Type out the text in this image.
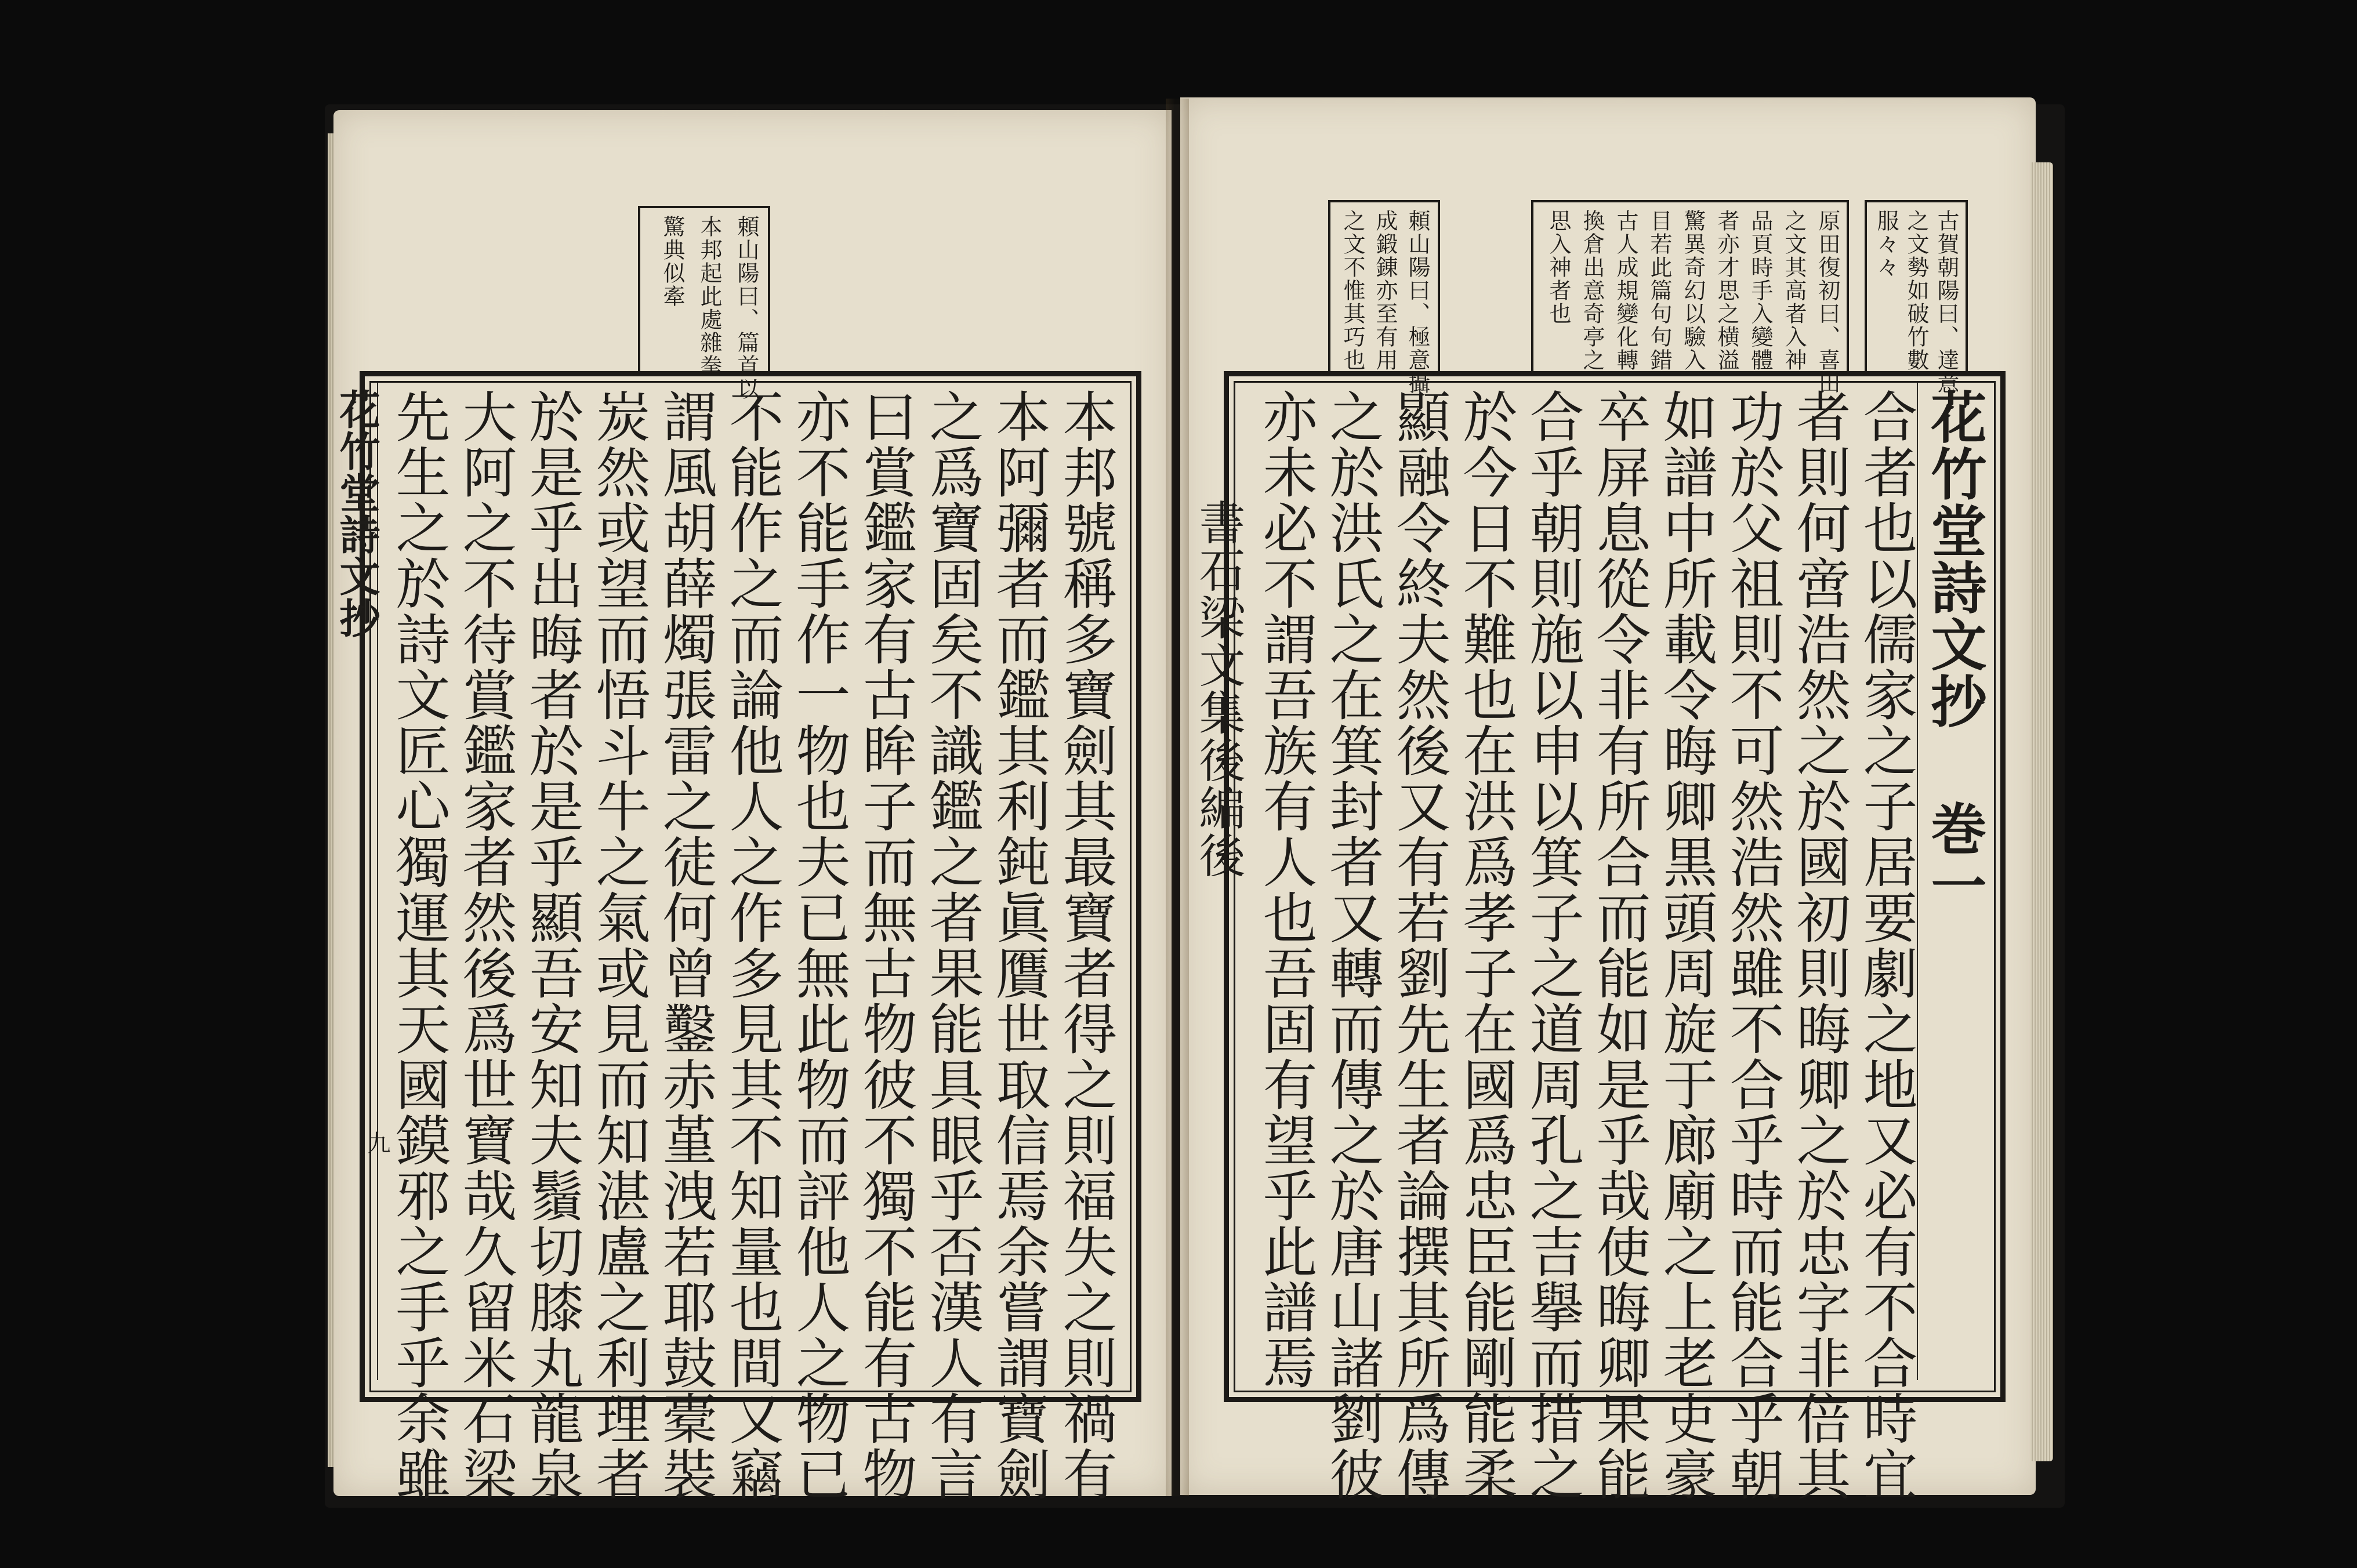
古賀朝陽曰、達意
之文勢如破竹數
服々々
原田復初曰、喜田
之文其高者入神
品頁時手入變體
者亦才思之横溢
驚異奇幻以驗入
目若此篇句句錯
古人成規變化轉
換倉出意奇亭之
思入神者也
頼山陽曰、極意攝
成鍛錬亦至有用
之文不惟其巧也
頼山陽曰、篇首以
本邦起此處雜拳
驚典似牽
花竹堂詩文抄
巻一
合者也以儒家之子居要劇之地又必有不合時宜
者則何啻浩然之於國初則晦卿之於忠字非倍其
功於父祖則不可然浩然雖不合乎時而能合乎朝
如譜中所載令晦卿黒頭周旋于廊廟之上老吏豪
卒屏息從令非有所合而能如是乎哉使晦卿果能
合乎朝則施以申以箕子之道周孔之吉擧而措之
於今日不難也在洪爲孝子在國爲忠臣能剛能柔
顯融令終夫然後又有若劉先生者論撰其所爲傳
之於洪氏之在箕封者又轉而傳之於唐山諸劉彼
亦未必不謂吾族有人也吾固有望乎此譜焉
書石梁文集後編後
本邦號稱多寶劍其最寶者得之則福失之則禍有
本阿彌者而鑑其利鈍眞贋世取信焉余嘗謂寶劍
之爲寶固矣不識鑑之者果能具眼乎否漢人有言
曰賞鑑家有古眸子而無古物彼不獨不能有古物
亦不能手作一物也夫已無此物而評他人之物已
不能作之而論他人之作多見其不知量也間又竊
謂風胡薛燭張雷之徒何曾鑿赤堇洩若耶鼓橐裝
炭然或望而悟斗牛之氣或見而知湛盧之利理者
於是乎出晦者於是乎顯吾安知夫鬚切膝丸龍泉
大阿之不待賞鑑家者然後爲世寶哉久留米石梁
先生之於詩文匠心獨運其天國鏌邪之手乎余雖
花竹堂詩文抄
九
